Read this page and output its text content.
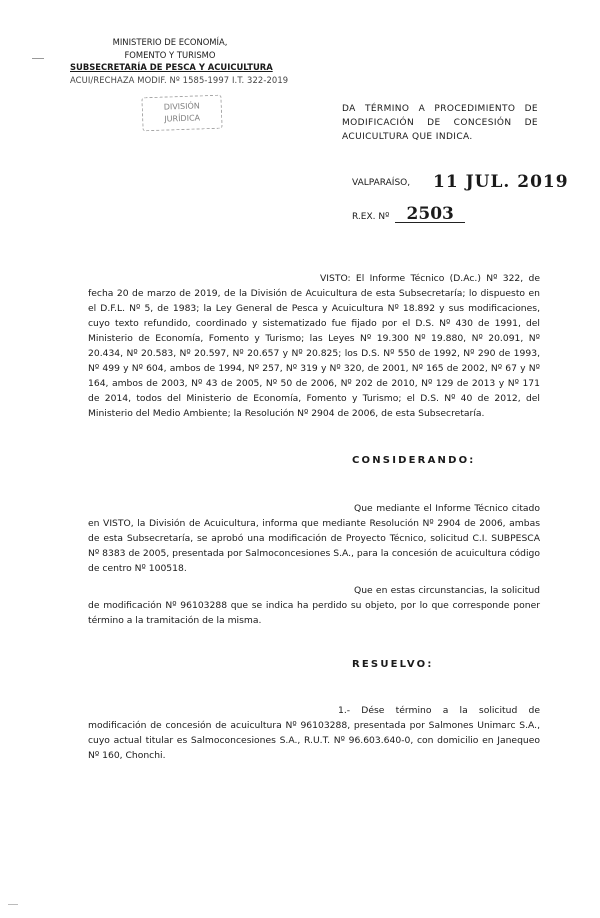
MINISTERIO DE ECONOMÍA,
FOMENTO Y TURISMO
SUBSECRETARÍA DE PESCA Y ACUICULTURA
ACUI/RECHAZA MODIF. Nº 1585-1997 I.T. 322-2019
DIVISIÓN
JURÍDICA
DA TÉRMINO A PROCEDIMIENTO DE MODIFICACIÓN DE CONCESIÓN DE ACUICULTURA QUE INDICA.
VALPARAÍSO, 11 JUL. 2019
R.EX. Nº 2503
VISTO: El Informe Técnico (D.Ac.) Nº 322, de fecha 20 de marzo de 2019, de la División de Acuicultura de esta Subsecretaría; lo dispuesto en el D.F.L. Nº 5, de 1983; la Ley General de Pesca y Acuicultura Nº 18.892 y sus modificaciones, cuyo texto refundido, coordinado y sistematizado fue fijado por el D.S. Nº 430 de 1991, del Ministerio de Economía, Fomento y Turismo; las Leyes Nº 19.300 Nº 19.880, Nº 20.091, Nº 20.434, Nº 20.583, Nº 20.597, Nº 20.657 y Nº 20.825; los D.S. Nº 550 de 1992, Nº 290 de 1993, Nº 499 y Nº 604, ambos de 1994, Nº 257, Nº 319 y Nº 320, de 2001, Nº 165 de 2002, Nº 67 y Nº 164, ambos de 2003, Nº 43 de 2005, Nº 50 de 2006, Nº 202 de 2010, Nº 129 de 2013 y Nº 171 de 2014, todos del Ministerio de Economía, Fomento y Turismo; el D.S. Nº 40 de 2012, del Ministerio del Medio Ambiente; la Resolución Nº 2904 de 2006, de esta Subsecretaría.
CONSIDERANDO:
Que mediante el Informe Técnico citado en VISTO, la División de Acuicultura, informa que mediante Resolución Nº 2904 de 2006, ambas de esta Subsecretaría, se aprobó una modificación de Proyecto Técnico, solicitud C.I. SUBPESCA Nº 8383 de 2005, presentada por Salmoconcesiones S.A., para la concesión de acuicultura código de centro Nº 100518.
Que en estas circunstancias, la solicitud de modificación Nº 96103288 que se indica ha perdido su objeto, por lo que corresponde poner término a la tramitación de la misma.
RESUELVO:
1.- Dése término a la solicitud de modificación de concesión de acuicultura Nº 96103288, presentada por Salmones Unimarc S.A., cuyo actual titular es Salmoconcesiones S.A., R.U.T. Nº 96.603.640-0, con domicilio en Janequeo Nº 160, Chonchi.
